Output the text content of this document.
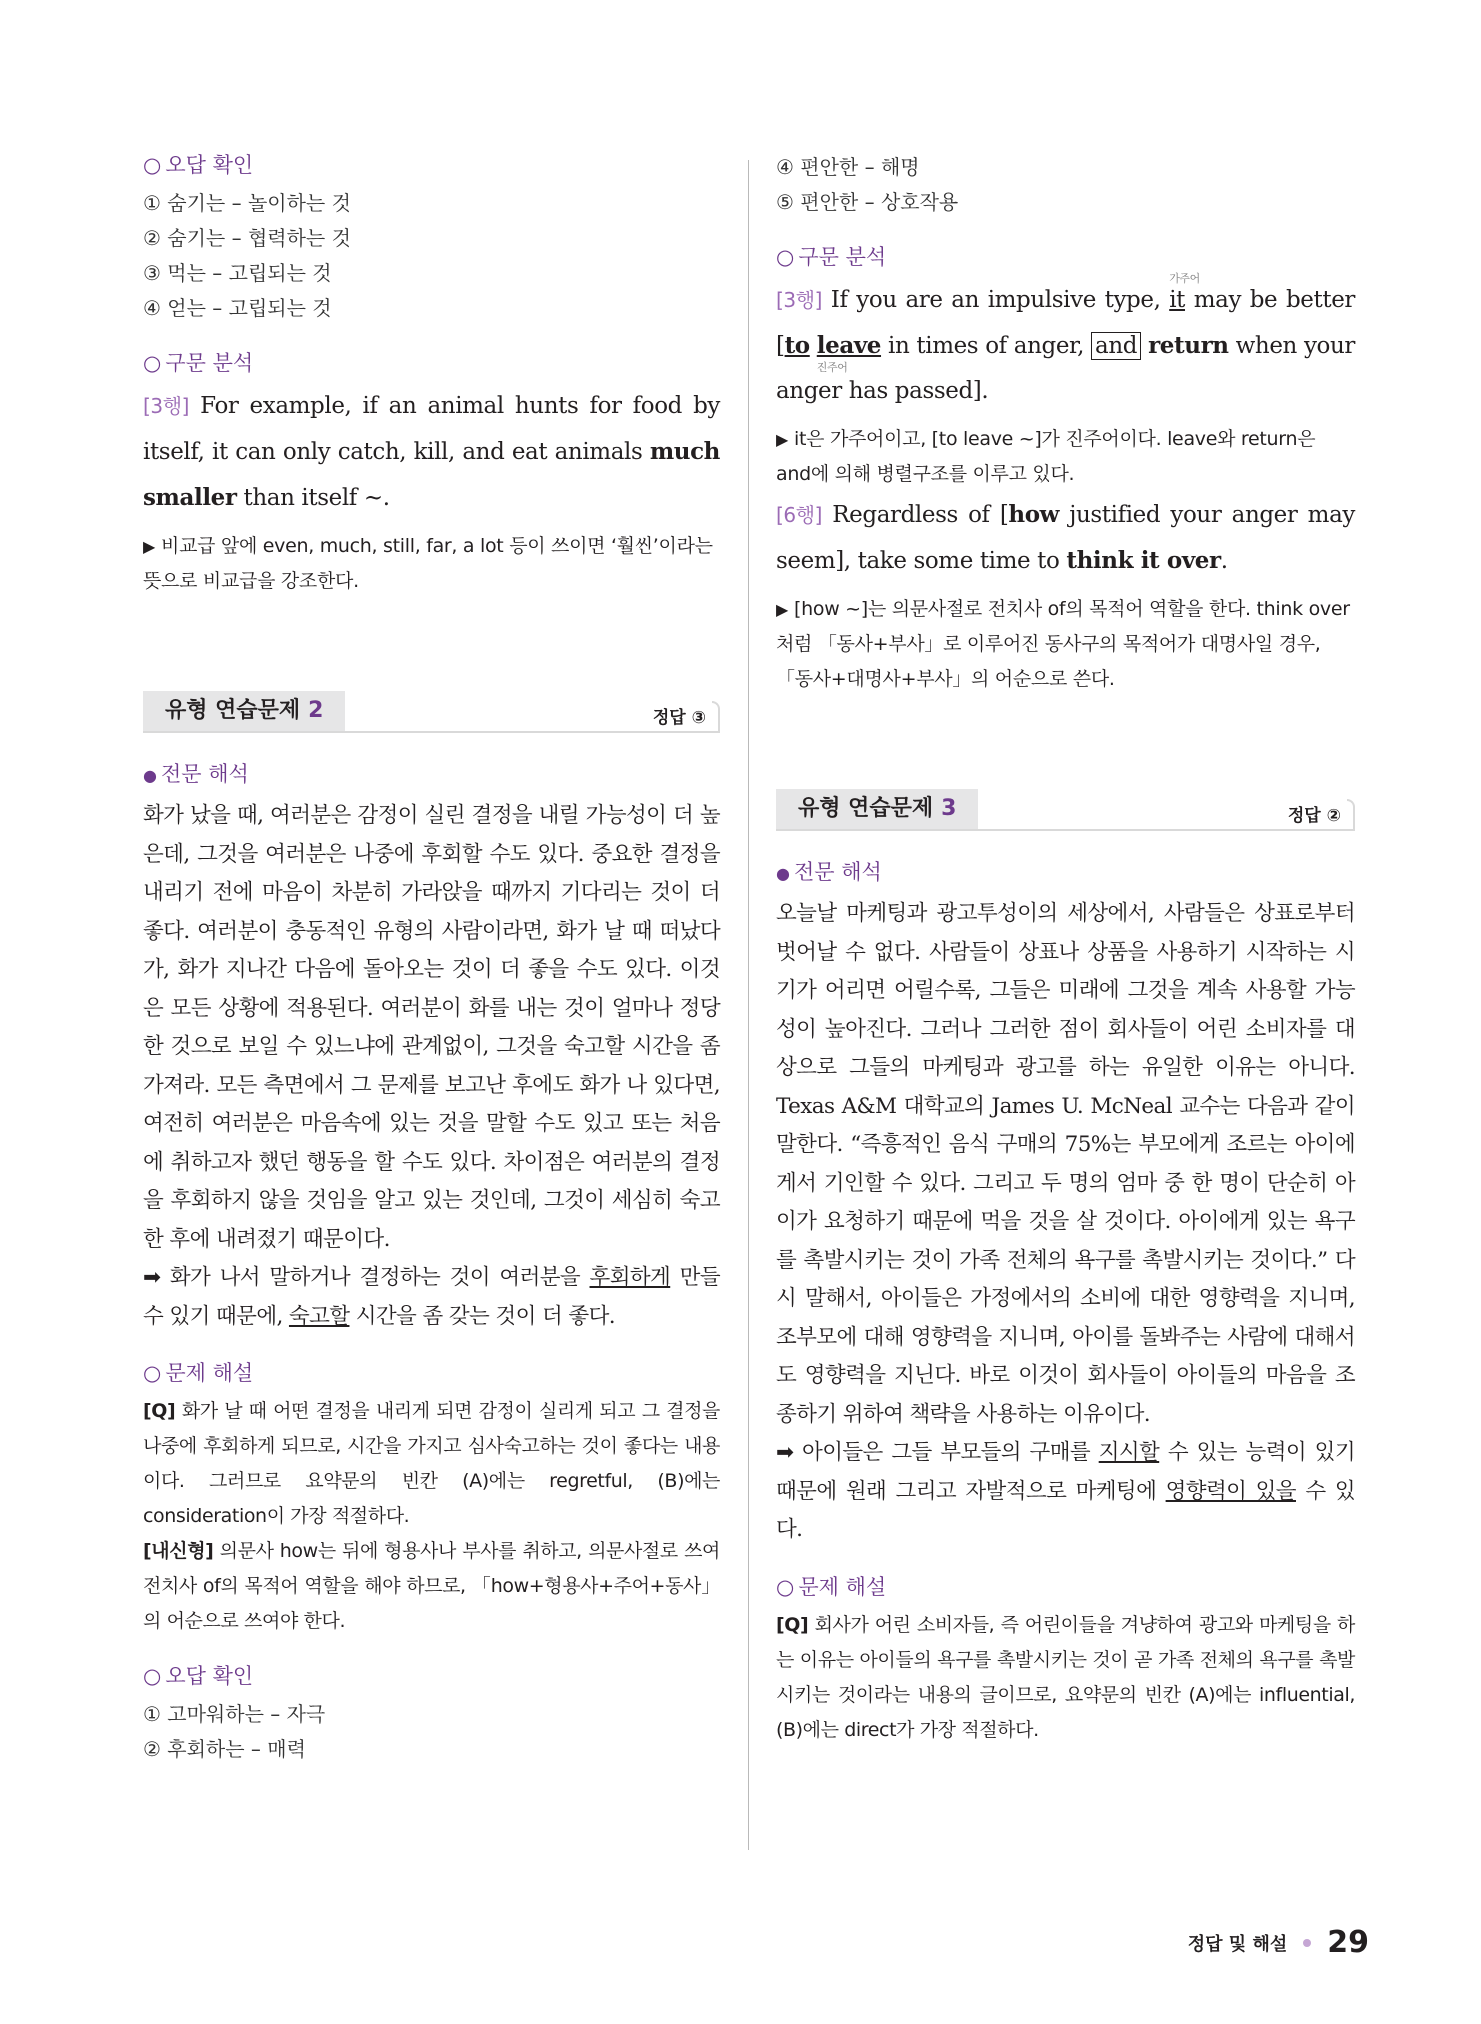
○ 오답 확인
① 숨기는 – 놀이하는 것
② 숨기는 – 협력하는 것
③ 먹는 – 고립되는 것
④ 얻는 – 고립되는 것
○ 구문 분석
[3행] For example, if an animal hunts for food by itself, it can only catch, kill, and eat animals much smaller than itself ~.
▶ 비교급 앞에 even, much, still, far, a lot 등이 쓰이면 ‘훨씬’이라는 뜻으로 비교급을 강조한다.
유형 연습문제 2	정답 ③
● 전문 해석
화가 났을 때, 여러분은 감정이 실린 결정을 내릴 가능성이 더 높은데, 그것을 여러분은 나중에 후회할 수도 있다. 중요한 결정을 내리기 전에 마음이 차분히 가라앉을 때까지 기다리는 것이 더 좋다. 여러분이 충동적인 유형의 사람이라면, 화가 날 때 떠났다가, 화가 지나간 다음에 돌아오는 것이 더 좋을 수도 있다. 이것은 모든 상황에 적용된다. 여러분이 화를 내는 것이 얼마나 정당한 것으로 보일 수 있느냐에 관계없이, 그것을 숙고할 시간을 좀 가져라. 모든 측면에서 그 문제를 보고난 후에도 화가 나 있다면, 여전히 여러분은 마음속에 있는 것을 말할 수도 있고 또는 처음에 취하고자 했던 행동을 할 수도 있다. 차이점은 여러분의 결정을 후회하지 않을 것임을 알고 있는 것인데, 그것이 세심히 숙고한 후에 내려졌기 때문이다.
➡ 화가 나서 말하거나 결정하는 것이 여러분을 후회하게 만들 수 있기 때문에, 숙고할 시간을 좀 갖는 것이 더 좋다.
○ 문제 해설
[Q] 화가 날 때 어떤 결정을 내리게 되면 감정이 실리게 되고 그 결정을 나중에 후회하게 되므로, 시간을 가지고 심사숙고하는 것이 좋다는 내용이다. 그러므로 요약문의 빈칸 (A)에는 regretful, (B)에는 consideration이 가장 적절하다.
[내신형] 의문사 how는 뒤에 형용사나 부사를 취하고, 의문사절로 쓰여 전치사 of의 목적어 역할을 해야 하므로, 「how+형용사+주어+동사」의 어순으로 쓰여야 한다.
○ 오답 확인
① 고마워하는 – 자극
② 후회하는 – 매력
④ 편안한 – 해명
⑤ 편안한 – 상호작용
○ 구문 분석
[3행] If you are an impulsive type, it
가주어
may be better [to leave
진주어
in times of anger, and return when your anger has passed].
▶ it은 가주어이고, [to leave ~]가 진주어이다. leave와 return은 and에 의해 병렬구조를 이루고 있다.
[6행] Regardless of [how justified your anger may seem], take some time to think it over.
▶ [how ~]는 의문사절로 전치사 of의 목적어 역할을 한다. think over처럼 「동사+부사」로 이루어진 동사구의 목적어가 대명사일 경우, 「동사+대명사+부사」의 어순으로 쓴다.
유형 연습문제 3	정답 ②
● 전문 해석
오늘날 마케팅과 광고투성이의 세상에서, 사람들은 상표로부터 벗어날 수 없다. 사람들이 상표나 상품을 사용하기 시작하는 시기가 어리면 어릴수록, 그들은 미래에 그것을 계속 사용할 가능성이 높아진다. 그러나 그러한 점이 회사들이 어린 소비자를 대상으로 그들의 마케팅과 광고를 하는 유일한 이유는 아니다. Texas A&M 대학교의 James U. McNeal 교수는 다음과 같이 말한다. “즉흥적인 음식 구매의 75%는 부모에게 조르는 아이에게서 기인할 수 있다. 그리고 두 명의 엄마 중 한 명이 단순히 아이가 요청하기 때문에 먹을 것을 살 것이다. 아이에게 있는 욕구를 촉발시키는 것이 가족 전체의 욕구를 촉발시키는 것이다.” 다시 말해서, 아이들은 가정에서의 소비에 대한 영향력을 지니며, 조부모에 대해 영향력을 지니며, 아이를 돌봐주는 사람에 대해서도 영향력을 지닌다. 바로 이것이 회사들이 아이들의 마음을 조종하기 위하여 책략을 사용하는 이유이다.
➡ 아이들은 그들 부모들의 구매를 지시할 수 있는 능력이 있기 때문에 원래 그리고 자발적으로 마케팅에 영향력이 있을 수 있다.
○ 문제 해설
[Q] 회사가 어린 소비자들, 즉 어린이들을 겨냥하여 광고와 마케팅을 하는 이유는 아이들의 욕구를 촉발시키는 것이 곧 가족 전체의 욕구를 촉발시키는 것이라는 내용의 글이므로, 요약문의 빈칸 (A)에는 influential, (B)에는 direct가 가장 적절하다.
정답 및 해설 29
